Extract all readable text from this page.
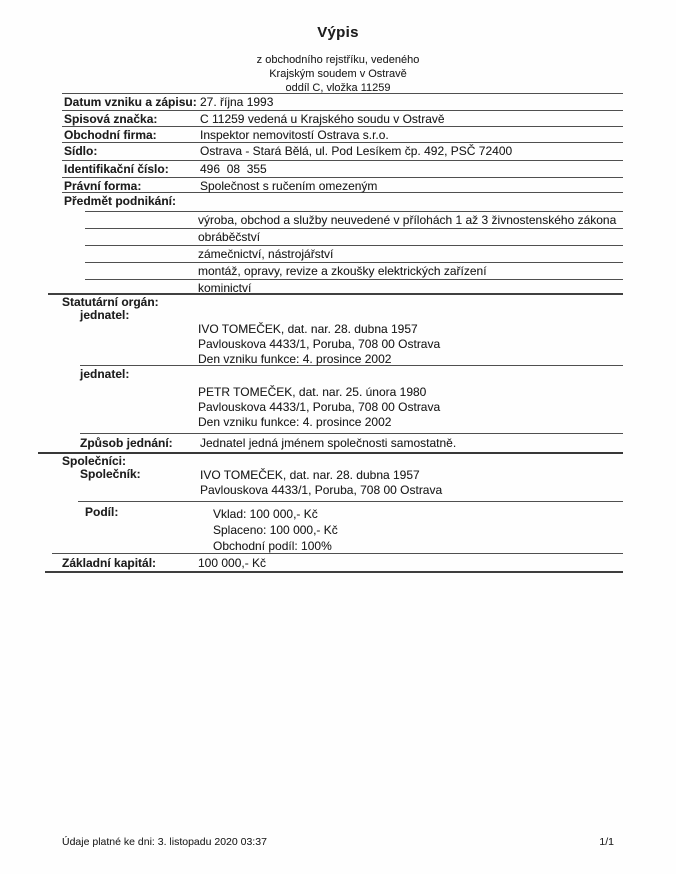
Výpis
z obchodního rejstříku, vedeného
Krajským soudem v Ostravě
oddíl C, vložka 11259
Datum vzniku a zápisu: 27. října 1993
Spisová značka:	C 11259 vedená u Krajského soudu v Ostravě
Obchodní firma:	Inspektor nemovitostí Ostrava s.r.o.
Sídlo:	Ostrava - Stará Bělá, ul. Pod Lesíkem čp. 492, PSČ 72400
Identifikační číslo:	496  08  355
Právní forma:	Společnost s ručením omezeným
Předmět podnikání:
výroba, obchod a služby neuvedené v přílohách 1 až 3 živnostenského zákona
obráběčství
zámečnictví, nástrojářství
montáž, opravy, revize a zkoušky elektrických zařízení
kominictví
Statutární orgán:
jednatel:
IVO TOMEČEK, dat. nar. 28. dubna 1957
Pavlouskova 4433/1, Poruba, 708 00 Ostrava
Den vzniku funkce: 4. prosince 2002
jednatel:
PETR TOMEČEK, dat. nar. 25. února 1980
Pavlouskova 4433/1, Poruba, 708 00 Ostrava
Den vzniku funkce: 4. prosince 2002
Způsob jednání:	Jednatel jedná jménem společnosti samostatně.
Společníci:
Společník:	IVO TOMEČEK, dat. nar. 28. dubna 1957
Pavlouskova 4433/1, Poruba, 708 00 Ostrava
Podíl:	Vklad: 100 000,- Kč
Splaceno: 100 000,- Kč
Obchodní podíl: 100%
Základní kapitál:	100 000,- Kč
Údaje platné ke dni: 3. listopadu 2020 03:37	1/1
